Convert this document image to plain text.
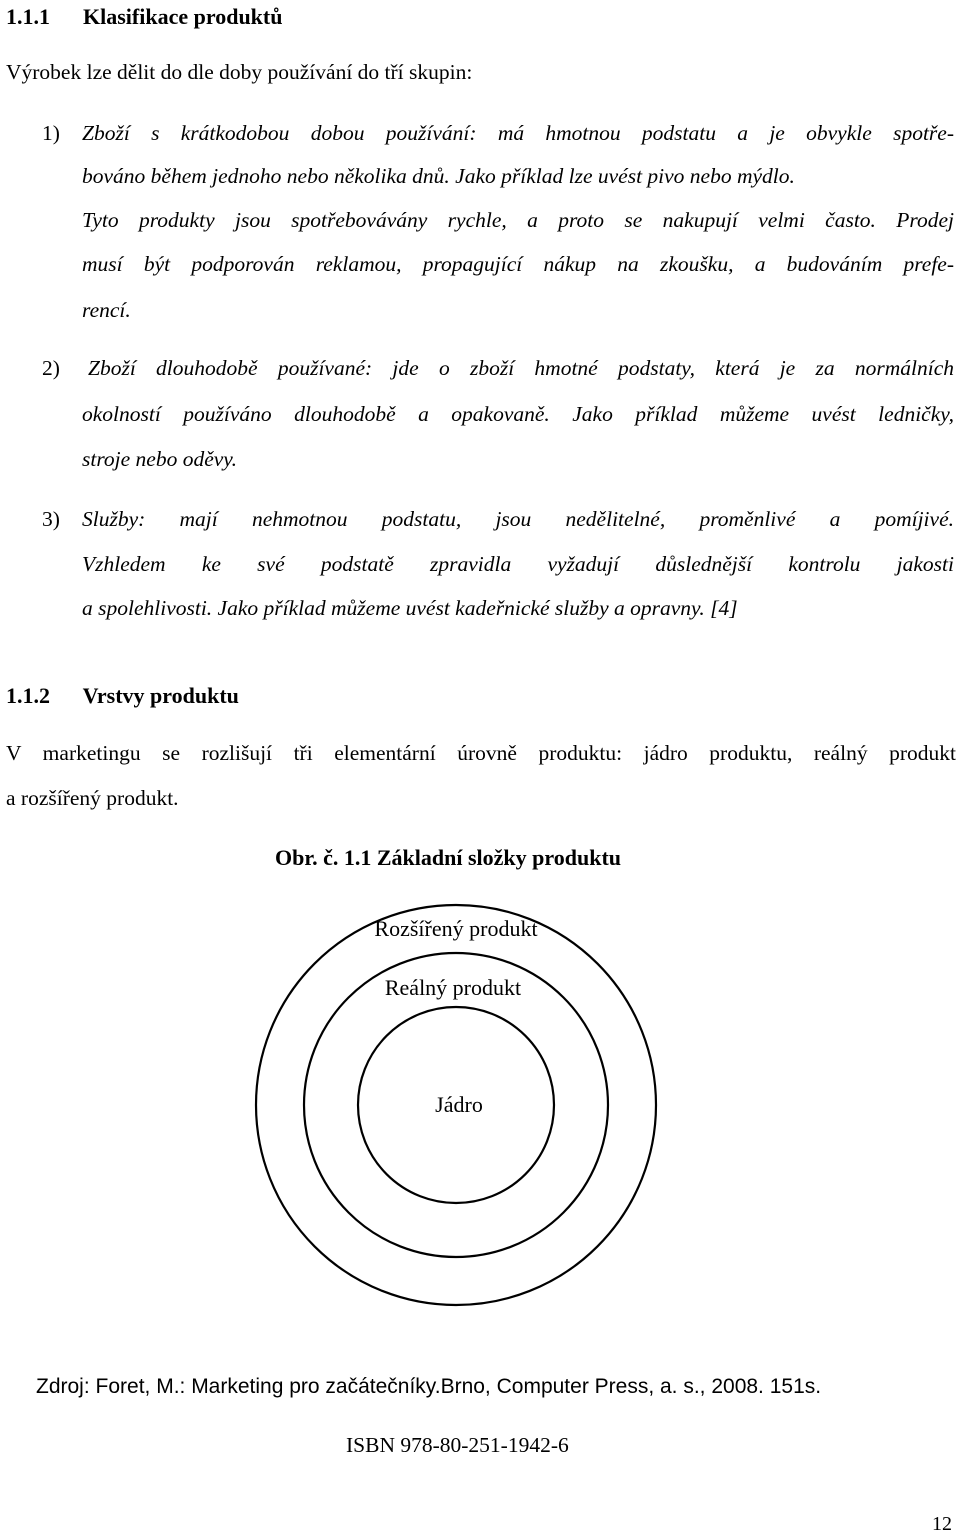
1.1.1 Klasifikace produktů
Výrobek lze dělit do dle doby používání do tří skupin:
1) Zboží s krátkodobou dobou používání: má hmotnou podstatu a je obvykle spotře-
bováno během jednoho nebo několika dnů. Jako příklad lze uvést pivo nebo mýdlo.
Tyto produkty jsou spotřebovávány rychle, a proto se nakupují velmi často. Prodej
musí být podporován reklamou, propagující nákup na zkoušku, a budováním prefe-
rencí.
2) Zboží dlouhodobě používané: jde o zboží hmotné podstaty, která je za normálních
okolností používáno dlouhodobě a opakovaně. Jako příklad můžeme uvést ledničky,
stroje nebo oděvy.
3) Služby: mají nehmotnou podstatu, jsou nedělitelné, proměnlivé a pomíjivé.
Vzhledem ke své podstatě zpravidla vyžadují důslednější kontrolu jakosti
a spolehlivosti. Jako příklad můžeme uvést kadeřnické služby a opravny. [4]
1.1.2 Vrstvy produktu
V marketingu se rozlišují tři elementární úrovně produktu: jádro produktu, reálný produkt
a rozšířený produkt.
Obr. č. 1.1 Základní složky produktu
Rozšířený produkt
Reálný produkt
Jádro
Zdroj: Foret, M.: Marketing pro začátečníky.Brno, Computer Press, a. s., 2008. 151s.
ISBN 978-80-251-1942-6
12
